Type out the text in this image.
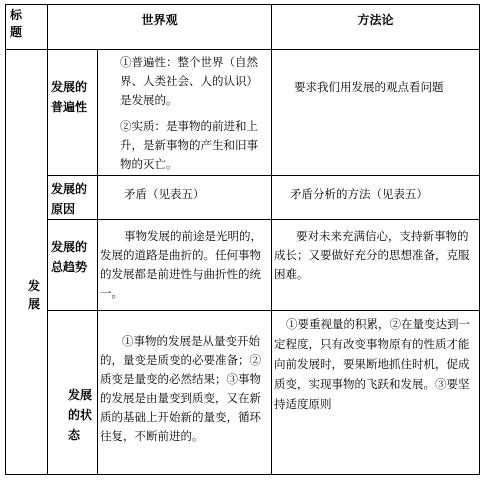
标题
世界观	方法论
发展
发展的普遍性

①普遍性：整个世界（自然界、人类社会、人的认识）是发展的。

②实质：是事物的前进和上升，是新事物的产生和旧事物的灭亡。

要求我们用发展的观点看问题
发展的原因
矛盾（见表五）	矛盾分析的方法（见表五）
发展的总趋势
事物发展的前途是光明的，发展的道路是曲折的。任何事物的发展都是前进性与曲折性的统一。
要对未来充满信心，支持新事物的成长；又要做好充分的思想准备，克服困难。
发展的状态
①事物的发展是从量变开始的，量变是质变的必要准备；②质变是量变的必然结果；③事物的发展是由量变到质变，又在新质的基础上开始新的量变，循环往复，不断前进的。
①要重视量的积累，②在量变达到一定程度，只有改变事物原有的性质才能向前发展时，要果断地抓住时机，促成质变，实现事物的飞跃和发展。③要坚持适度原则
